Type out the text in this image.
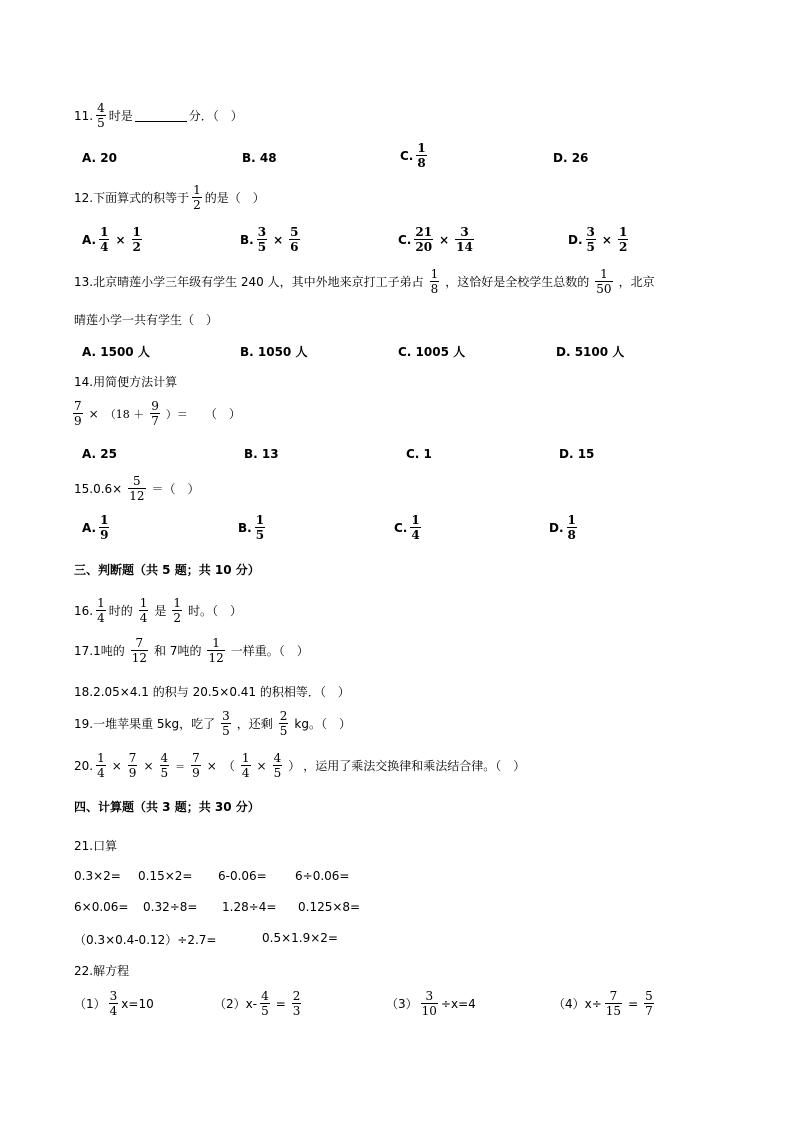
11. $\frac{4}{5}$ 时是	分．（　）
A. 20	B. 48	C. $\frac{1}{8}$	D. 26
12.下面算式的积等于 $\frac{1}{2}$ 的是（　）
A. $\frac{1}{4} \times \frac{1}{2}$	B. $\frac{3}{5} \times \frac{5}{6}$	C. $\frac{21}{20} \times \frac{3}{14}$	D. $\frac{3}{5} \times \frac{1}{2}$
13.北京晴莲小学三年级有学生 240 人，其中外地来京打工子弟占 $\frac{1}{8}$ ，这恰好是全校学生总数的 $\frac{1}{50}$ ，北京
晴莲小学一共有学生（　）
A. 1500 人	B. 1050 人	C. 1005 人	D. 5100 人
14.用简便方法计算
$\frac{7}{9} \times (18 + \frac{9}{7}$ ）＝ （　）
A. 25	B. 13	C. 1	D. 15
$15.0.6\times \frac{5}{12}$ ＝（　）
A. $\frac{1}{9}$	B. $\frac{1}{5}$	C. $\frac{1}{4}$	D. $\frac{1}{8}$
三、判断题（共 5 题；共 10 分）
16. $\frac{1}{4}$ 时的 $\frac{1}{4}$ 是 $\frac{1}{2}$ 时。（　）
17.1吨的 $\frac{7}{12}$ 和 7吨的 $\frac{1}{12}$ 一样重。（　）
18.2.05×4.1 的积与 20.5×0.41 的积相等．（　）
19.一堆苹果重 5kg，吃了 $\frac{3}{5}$ ，还剩 $\frac{2}{5}$ kg。（　）
20. $\frac{1}{4} \times \frac{7}{9} \times \frac{4}{5} = \frac{7}{9}$ × （ $\frac{1}{4} \times \frac{4}{5}$ ） ，运用了乘法交换律和乘法结合律。（　）
四、计算题（共 3 题；共 30 分）
21.口算
0.3×2= 0.15×2= 6-0.06= 6÷0.06=
6×0.06= 0.32÷8= 1.28÷4= 0.125×8=
（0.3×0.4-0.12）÷2.7=	0.5×1.9×2=
22.解方程
$(1) \frac{3}{4} x=10$	$(2)x- \frac{4}{5} = \frac{2}{3}$	$(3) \frac{3}{10} \div x=4$	$(4)x\div \frac{7}{15} = \frac{5}{7}$
